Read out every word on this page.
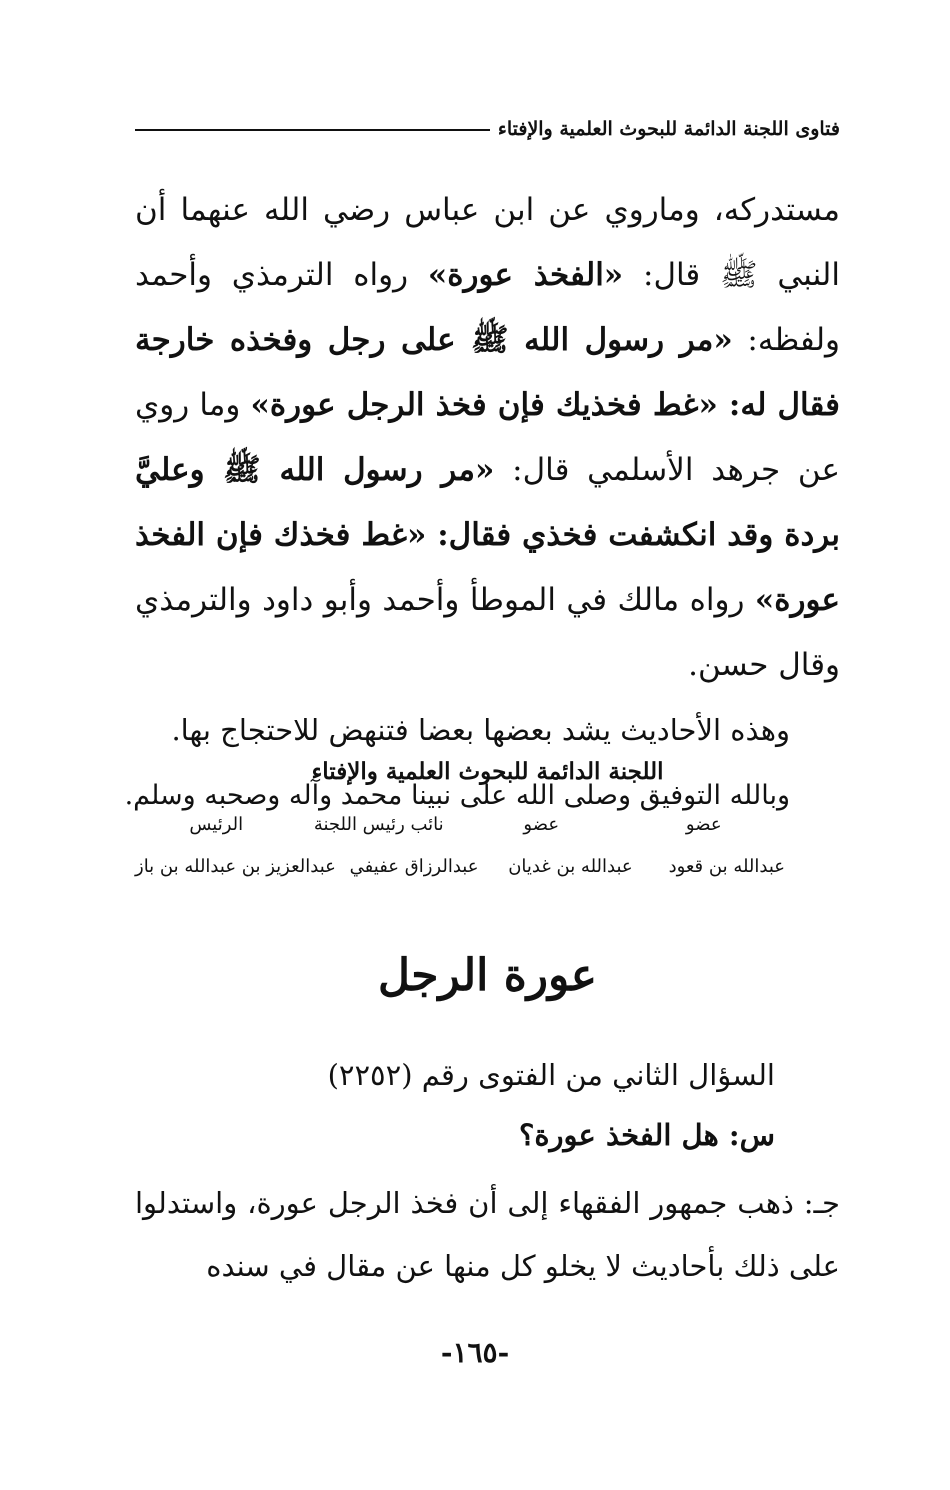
فتاوى اللجنة الدائمة للبحوث العلمية والإفتاء

مستدركه، وماروي عن ابن عباس رضي الله عنهما أن النبي ﷺ قال: «الفخذ عورة» رواه الترمذي وأحمد ولفظه: «مر رسول الله ﷺ على رجل وفخذه خارجة فقال له: «غط فخذيك فإن فخذ الرجل عورة» وما روي عن جرهد الأسلمي قال: «مر رسول الله ﷺ وعليَّ بردة وقد انكشفت فخذي فقال: «غط فخذك فإن الفخذ عورة» رواه مالك في الموطأ وأحمد وأبو داود والترمذي وقال حسن.

وهذه الأحاديث يشد بعضها بعضا فتنهض للاحتجاج بها.

وبالله التوفيق وصلى الله على نبينا محمد وآله وصحبه وسلم.

اللجنة الدائمة للبحوث العلمية والإفتاء
عضو
عضو
نائب رئيس اللجنة
الرئيس
عبدالله بن قعود
عبدالله بن غديان
عبدالرزاق عفيفي
عبدالعزيز بن عبدالله بن باز
عورة الرجل
السؤال الثاني من الفتوى رقم (٢٢٥٢)
س: هل الفخذ عورة؟
جـ: ذهب جمهور الفقهاء إلى أن فخذ الرجل عورة، واستدلوا على ذلك بأحاديث لا يخلو كل منها عن مقال في سنده
-١٦٥-
